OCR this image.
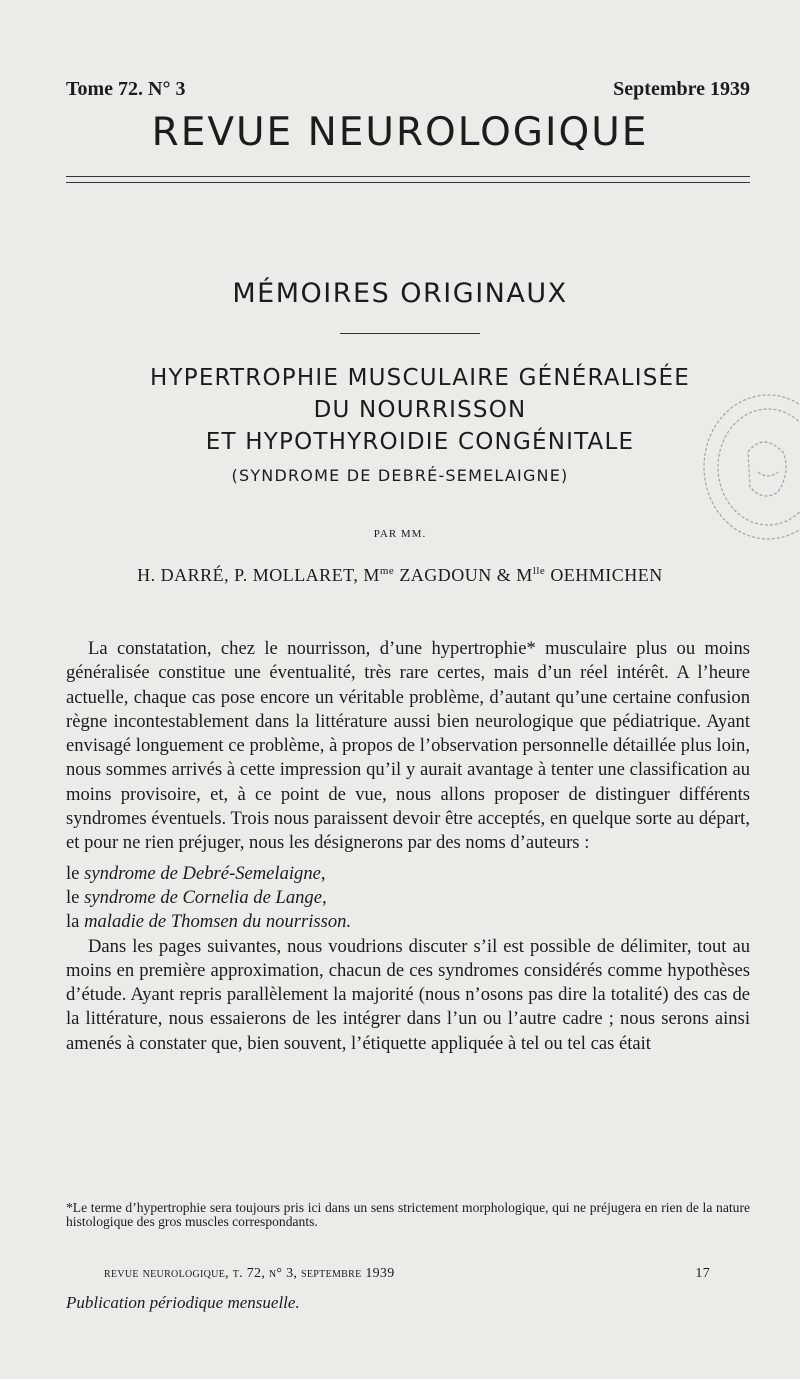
Tome 72. N° 3	Septembre 1939
REVUE NEUROLOGIQUE
MÉMOIRES ORIGINAUX
HYPERTROPHIE MUSCULAIRE GÉNÉRALISÉE
DU NOURRISSON
ET HYPOTHYROIDIE CONGÉNITALE
(SYNDROME DE DEBRÉ-SEMELAIGNE)
PAR MM.
H. DARRÉ, P. MOLLARET, $M^{me}$ ZAGDOUN & $M^{lle}$ OEHMICHEN

La constatation, chez le nourrisson, d’une hypertrophie* musculaire plus ou moins généralisée constitue une éventualité, très rare certes, mais d’un réel intérêt. A l’heure actuelle, chaque cas pose encore un véritable problème, d’autant qu’une certaine confusion règne incontestablement dans la littérature aussi bien neurologique que pédiatrique. Ayant envisagé longuement ce problème, à propos de l’observation personnelle détaillée plus loin, nous sommes arrivés à cette impression qu’il y aurait avantage à tenter une classification au moins provisoire, et, à ce point de vue, nous allons proposer de distinguer différents syndromes éventuels. Trois nous paraissent devoir être acceptés, en quelque sorte au départ, et pour ne rien préjuger, nous les désignerons par des noms d’auteurs :

le syndrome de Debré-Semelaigne,
le syndrome de Cornelia de Lange,
la maladie de Thomsen du nourrisson.

Dans les pages suivantes, nous voudrions discuter s’il est possible de délimiter, tout au moins en première approximation, chacun de ces syndromes considérés comme hypothèses d’étude. Ayant repris parallèlement la majorité (nous n’osons pas dire la totalité) des cas de la littérature, nous essaierons de les intégrer dans l’un ou l’autre cadre ; nous serons ainsi amenés à constater que, bien souvent, l’étiquette appliquée à tel ou tel cas était

*Le terme d’hypertrophie sera toujours pris ici dans un sens strictement morphologique, qui ne préjugera en rien de la nature histologique des gros muscles correspondants.
revue neurologique, t. 72, n° 3, septembre 1939	17
Publication périodique mensuelle.
